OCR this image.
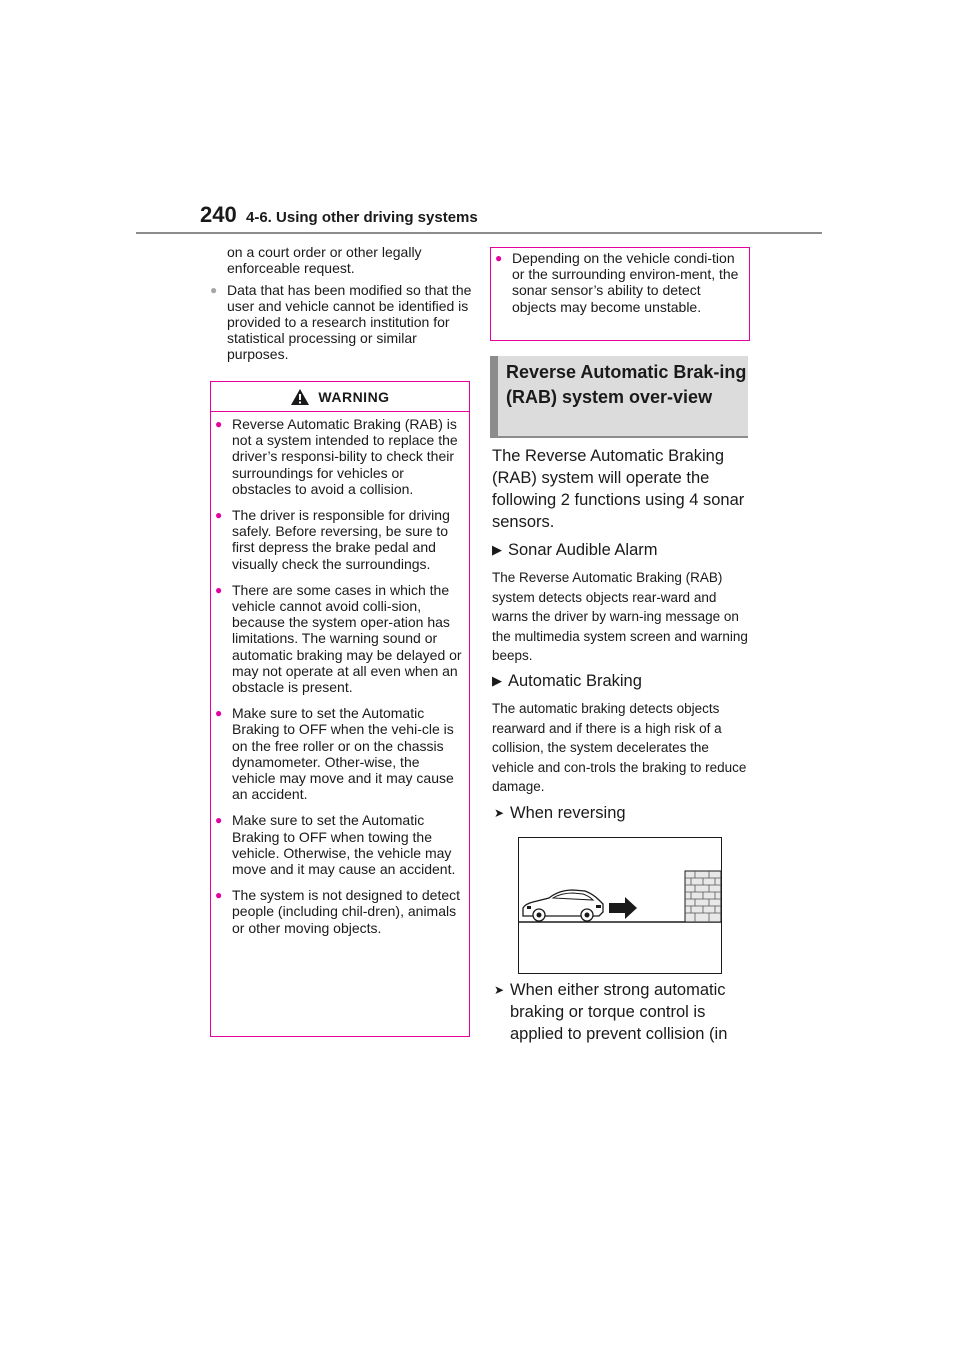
240 4-6. Using other driving systems

on a court order or other legally enforceable request.

● Data that has been modified so that the user and vehicle cannot be identified is provided to a research institution for statistical processing or similar purposes.
WARNING
● Reverse Automatic Braking (RAB) is not a system intended to replace the driver’s responsi-bility to check their surroundings for vehicles or obstacles to avoid a collision.
● The driver is responsible for driving safely. Before reversing, be sure to first depress the brake pedal and visually check the surroundings.
● There are some cases in which the vehicle cannot avoid colli-sion, because the system oper-ation has limitations. The warning sound or automatic braking may be delayed or may not operate at all even when an obstacle is present.
● Make sure to set the Automatic Braking to OFF when the vehi-cle is on the free roller or on the chassis dynamometer. Other-wise, the vehicle may move and it may cause an accident.
● Make sure to set the Automatic Braking to OFF when towing the vehicle. Otherwise, the vehicle may move and it may cause an accident.
● The system is not designed to detect people (including chil-dren), animals or other moving objects.
● Depending on the vehicle condi-tion or the surrounding environ-ment, the sonar sensor’s ability to detect objects may become unstable.
Reverse Automatic Brak-ing (RAB) system over-view
The Reverse Automatic Braking (RAB) system will operate the following 2 functions using 4 sonar sensors.
▶ Sonar Audible Alarm
The Reverse Automatic Braking (RAB) system detects objects rear-ward and warns the driver by warn-ing message on the multimedia system screen and warning beeps.
▶ Automatic Braking
The automatic braking detects objects rearward and if there is a high risk of a collision, the system decelerates the vehicle and con-trols the braking to reduce damage.
➤ When reversing
➤ When either strong automatic braking or torque control is applied to prevent collision (in
